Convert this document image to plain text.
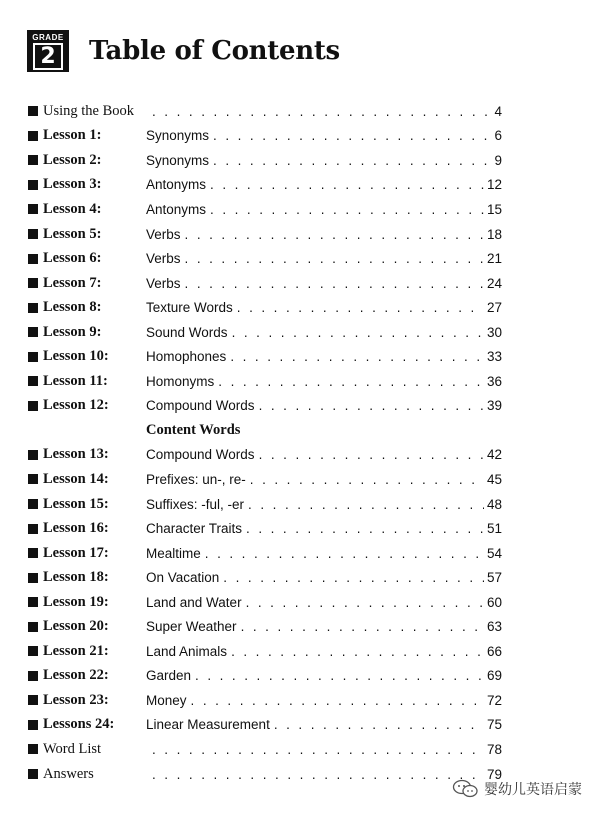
GRADE
2 Table of Contents
Using the Book . . .	4
Lesson 1:	Synonyms . . .	6
Lesson 2:	Synonyms . . .	9
Lesson 3:	Antonyms . . .	12
Lesson 4:	Antonyms . . .	15
Lesson 5:	Verbs . . .	18
Lesson 6:	Verbs . . .	21
Lesson 7:	Verbs . . .	24
Lesson 8:	Texture Words . . .	27
Lesson 9:	Sound Words . . .	30
Lesson 10:	Homophones . . .	33
Lesson 11:	Homonyms . . .	36
Lesson 12:	Compound Words . . .	39
Content Words
Lesson 13:	Compound Words . . .	42
Lesson 14:	Prefixes: un-, re- . . .	45
Lesson 15:	Suffixes: -ful, -er . . .	48
Lesson 16:	Character Traits . . .	51
Lesson 17:	Mealtime . . .	54
Lesson 18:	On Vacation . . .	57
Lesson 19:	Land and Water . . .	60
Lesson 20:	Super Weather . . .	63
Lesson 21:	Land Animals . . .	66
Lesson 22:	Garden . . .	69
Lesson 23:	Money . . .	72
Lessons 24:	Linear Measurement . . .	75
Word List . . .	78
Answers . . .	79
婴幼儿英语启蒙
